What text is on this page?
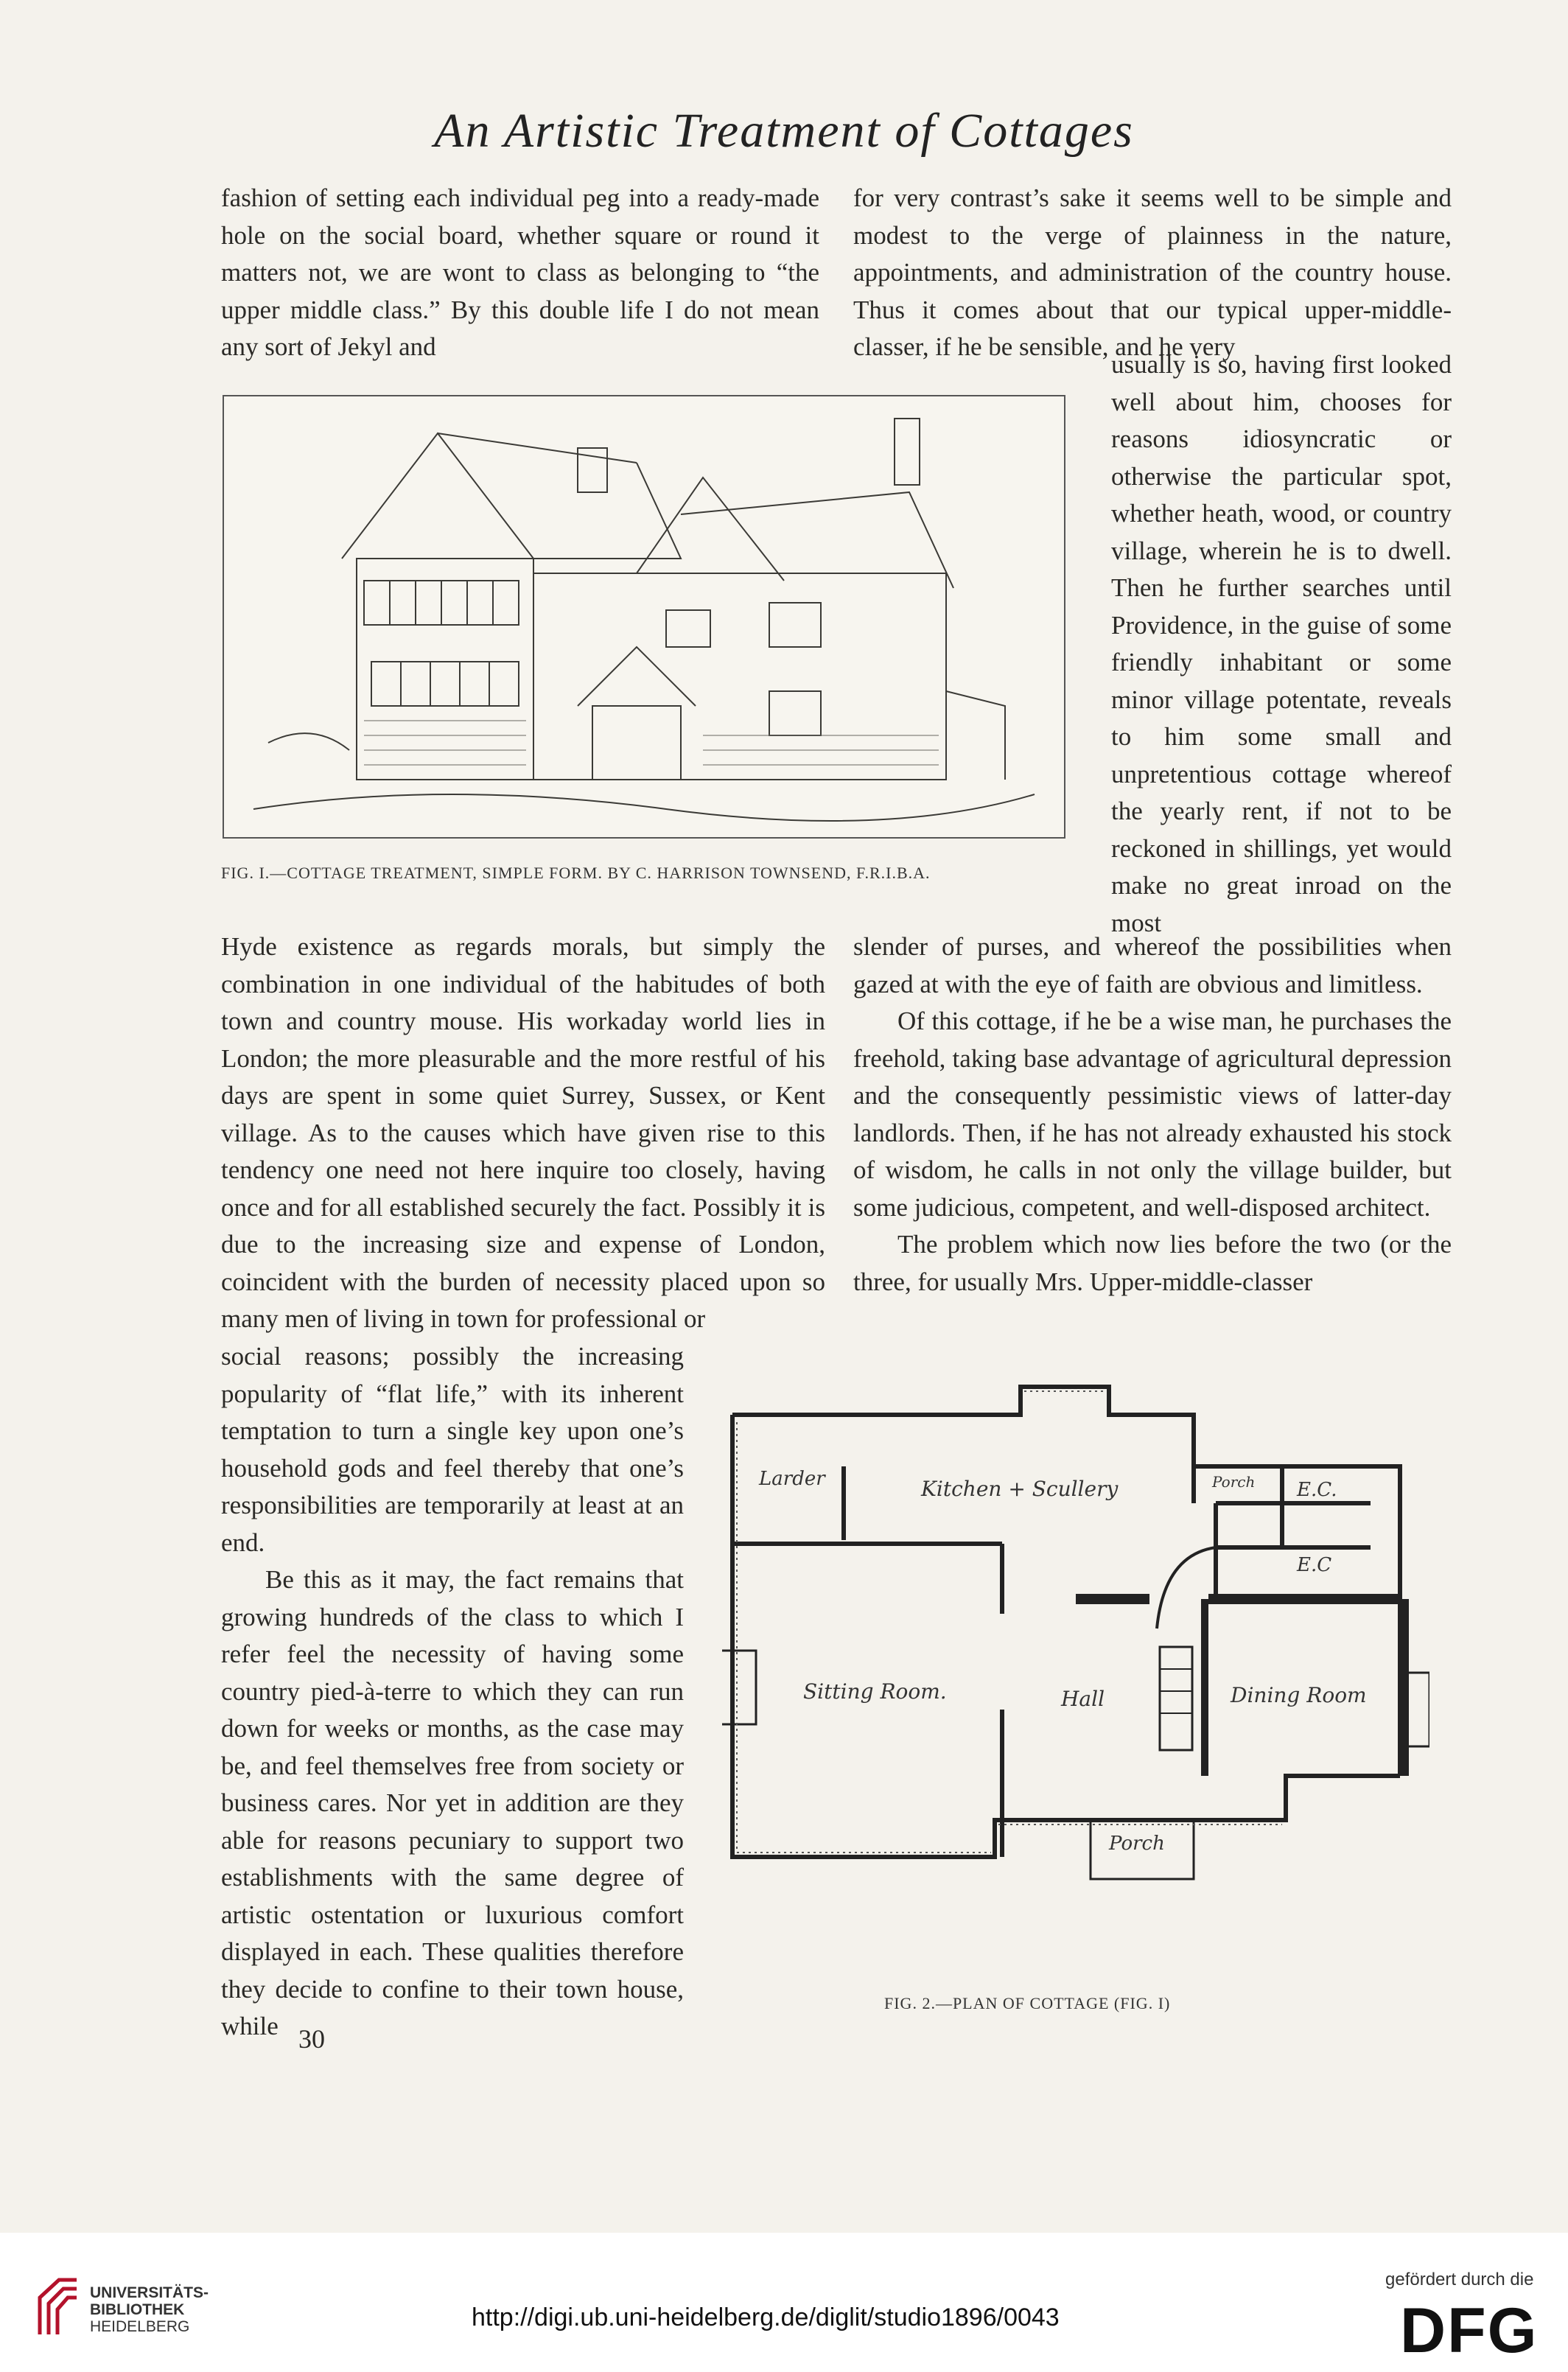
An Artistic Treatment of Cottages

fashion of setting each individual peg into a ready-made hole on the social board, whether square or round it matters not, we are wont to class as belonging to “the upper middle class.” By this double life I do not mean any sort of Jekyl and

for very contrast’s sake it seems well to be simple and modest to the verge of plainness in the nature, appointments, and administration of the country house. Thus it comes about that our typical upper-middle-classer, if he be sensible, and he very

FIG. I.—COTTAGE TREATMENT, SIMPLE FORM. BY C. HARRISON TOWNSEND, F.R.I.B.A.

usually is so, having first looked well about him, chooses for reasons idiosyncratic or otherwise the particular spot, whether heath, wood, or country village, wherein he is to dwell. Then he further searches until Providence, in the guise of some friendly inhabitant or some minor village potentate, reveals to him some small and unpretentious cottage whereof the yearly rent, if not to be reckoned in shillings, yet would make no great inroad on the most

Hyde existence as regards morals, but simply the combination in one individual of the habitudes of both town and country mouse. His workaday world lies in London; the more pleasurable and the more restful of his days are spent in some quiet Surrey, Sussex, or Kent village. As to the causes which have given rise to this tendency one need not here inquire too closely, having once and for all established securely the fact. Possibly it is due to the increasing size and expense of London, coincident with the burden of necessity placed upon so many men of living in town for professional or

slender of purses, and whereof the possibilities when gazed at with the eye of faith are obvious and limitless.

Of this cottage, if he be a wise man, he purchases the freehold, taking base advantage of agricultural depression and the consequently pessimistic views of latter-day landlords. Then, if he has not already exhausted his stock of wisdom, he calls in not only the village builder, but some judicious, competent, and well-disposed architect.

The problem which now lies before the two (or the three, for usually Mrs. Upper-middle-classer

social reasons; possibly the increasing popularity of “flat life,” with its inherent temptation to turn a single key upon one’s household gods and feel thereby that one’s responsibilities are temporarily at least at an end.

Be this as it may, the fact remains that growing hundreds of the class to which I refer feel the necessity of having some country pied-à-terre to which they can run down for weeks or months, as the case may be, and feel themselves free from society or business cares. Nor yet in addition are they able for reasons pecuniary to support two establishments with the same degree of artistic ostentation or luxurious comfort displayed in each. These qualities therefore they decide to confine to their town house, while

Larder	Kitchen + Scullery	Porch E.C.
E.C
Sitting Room.	Hall	Dining Room
Porch
FIG. 2.—PLAN OF COTTAGE (FIG. I)
30
UNIVERSITÄTS-
BIBLIOTHEK
HEIDELBERG	http://digi.ub.uni-heidelberg.de/diglit/studio1896/0043
gefördert durch die
DFG
